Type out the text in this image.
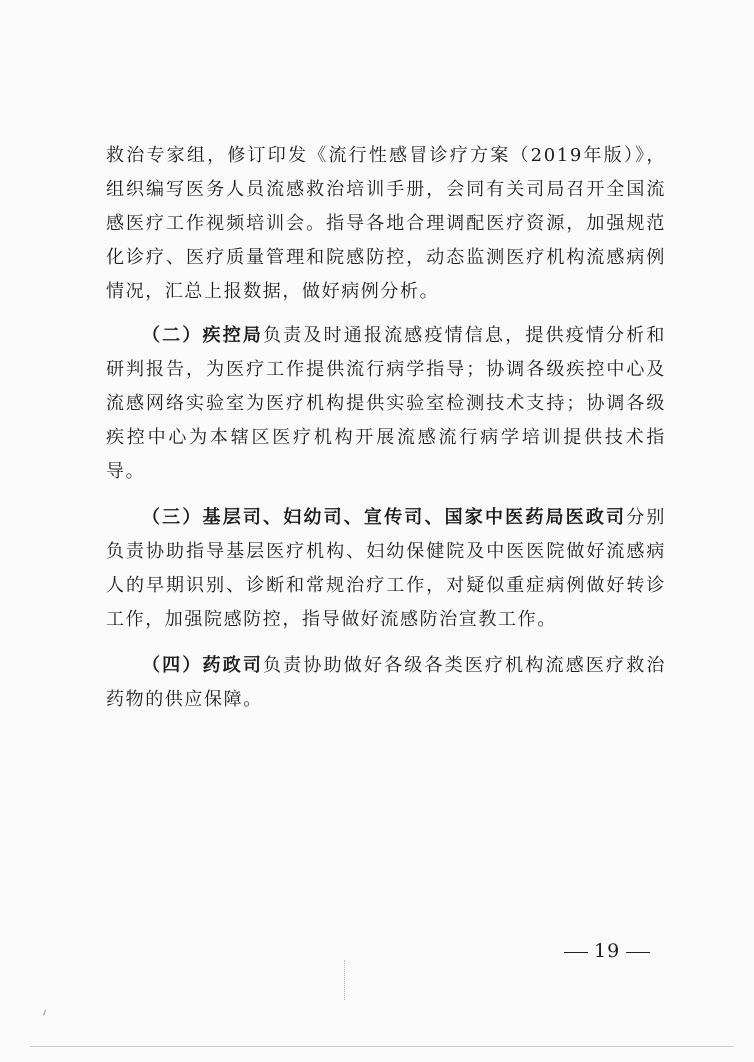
救治专家组，修订印发《流行性感冒诊疗方案（2019年版）》，组织编写医务人员流感救治培训手册，会同有关司局召开全国流感医疗工作视频培训会。指导各地合理调配医疗资源，加强规范化诊疗、医疗质量管理和院感防控，动态监测医疗机构流感病例情况，汇总上报数据，做好病例分析。

（二）疾控局负责及时通报流感疫情信息，提供疫情分析和研判报告，为医疗工作提供流行病学指导；协调各级疾控中心及流感网络实验室为医疗机构提供实验室检测技术支持；协调各级疾控中心为本辖区医疗机构开展流感流行病学培训提供技术指导。

（三）基层司、妇幼司、宣传司、国家中医药局医政司分别负责协助指导基层医疗机构、妇幼保健院及中医医院做好流感病人的早期识别、诊断和常规治疗工作，对疑似重症病例做好转诊工作，加强院感防控，指导做好流感防治宣教工作。

（四）药政司负责协助做好各级各类医疗机构流感医疗救治药物的供应保障。

19
